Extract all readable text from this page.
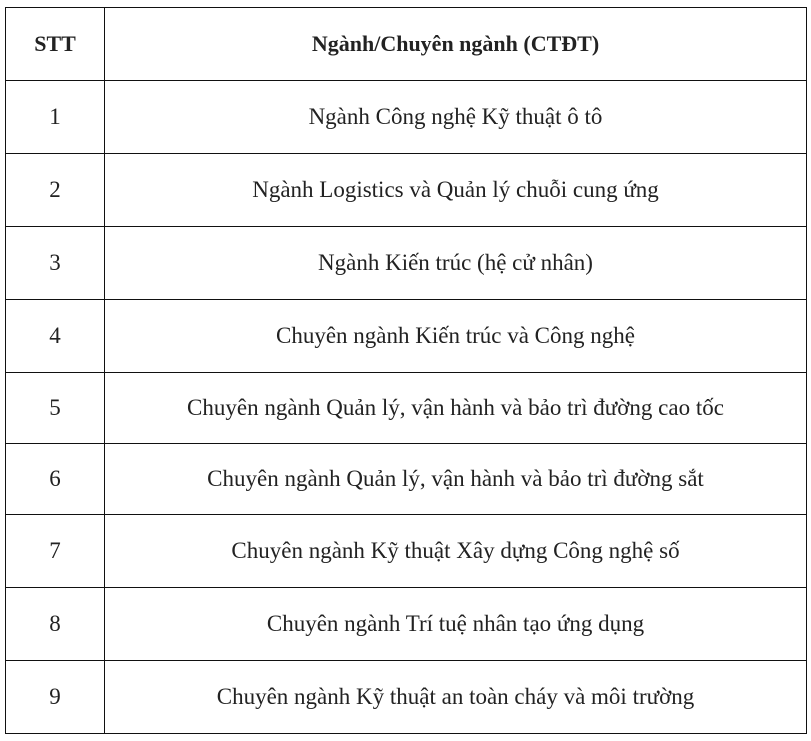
STT	Ngành/Chuyên ngành (CTĐT)
1	Ngành Công nghệ Kỹ thuật ô tô
2	Ngành Logistics và Quản lý chuỗi cung ứng
3	Ngành Kiến trúc (hệ cử nhân)
4	Chuyên ngành Kiến trúc và Công nghệ
5	Chuyên ngành Quản lý, vận hành và bảo trì đường cao tốc
6	Chuyên ngành Quản lý, vận hành và bảo trì đường sắt
7	Chuyên ngành Kỹ thuật Xây dựng Công nghệ số
8	Chuyên ngành Trí tuệ nhân tạo ứng dụng
9	Chuyên ngành Kỹ thuật an toàn cháy và môi trường
